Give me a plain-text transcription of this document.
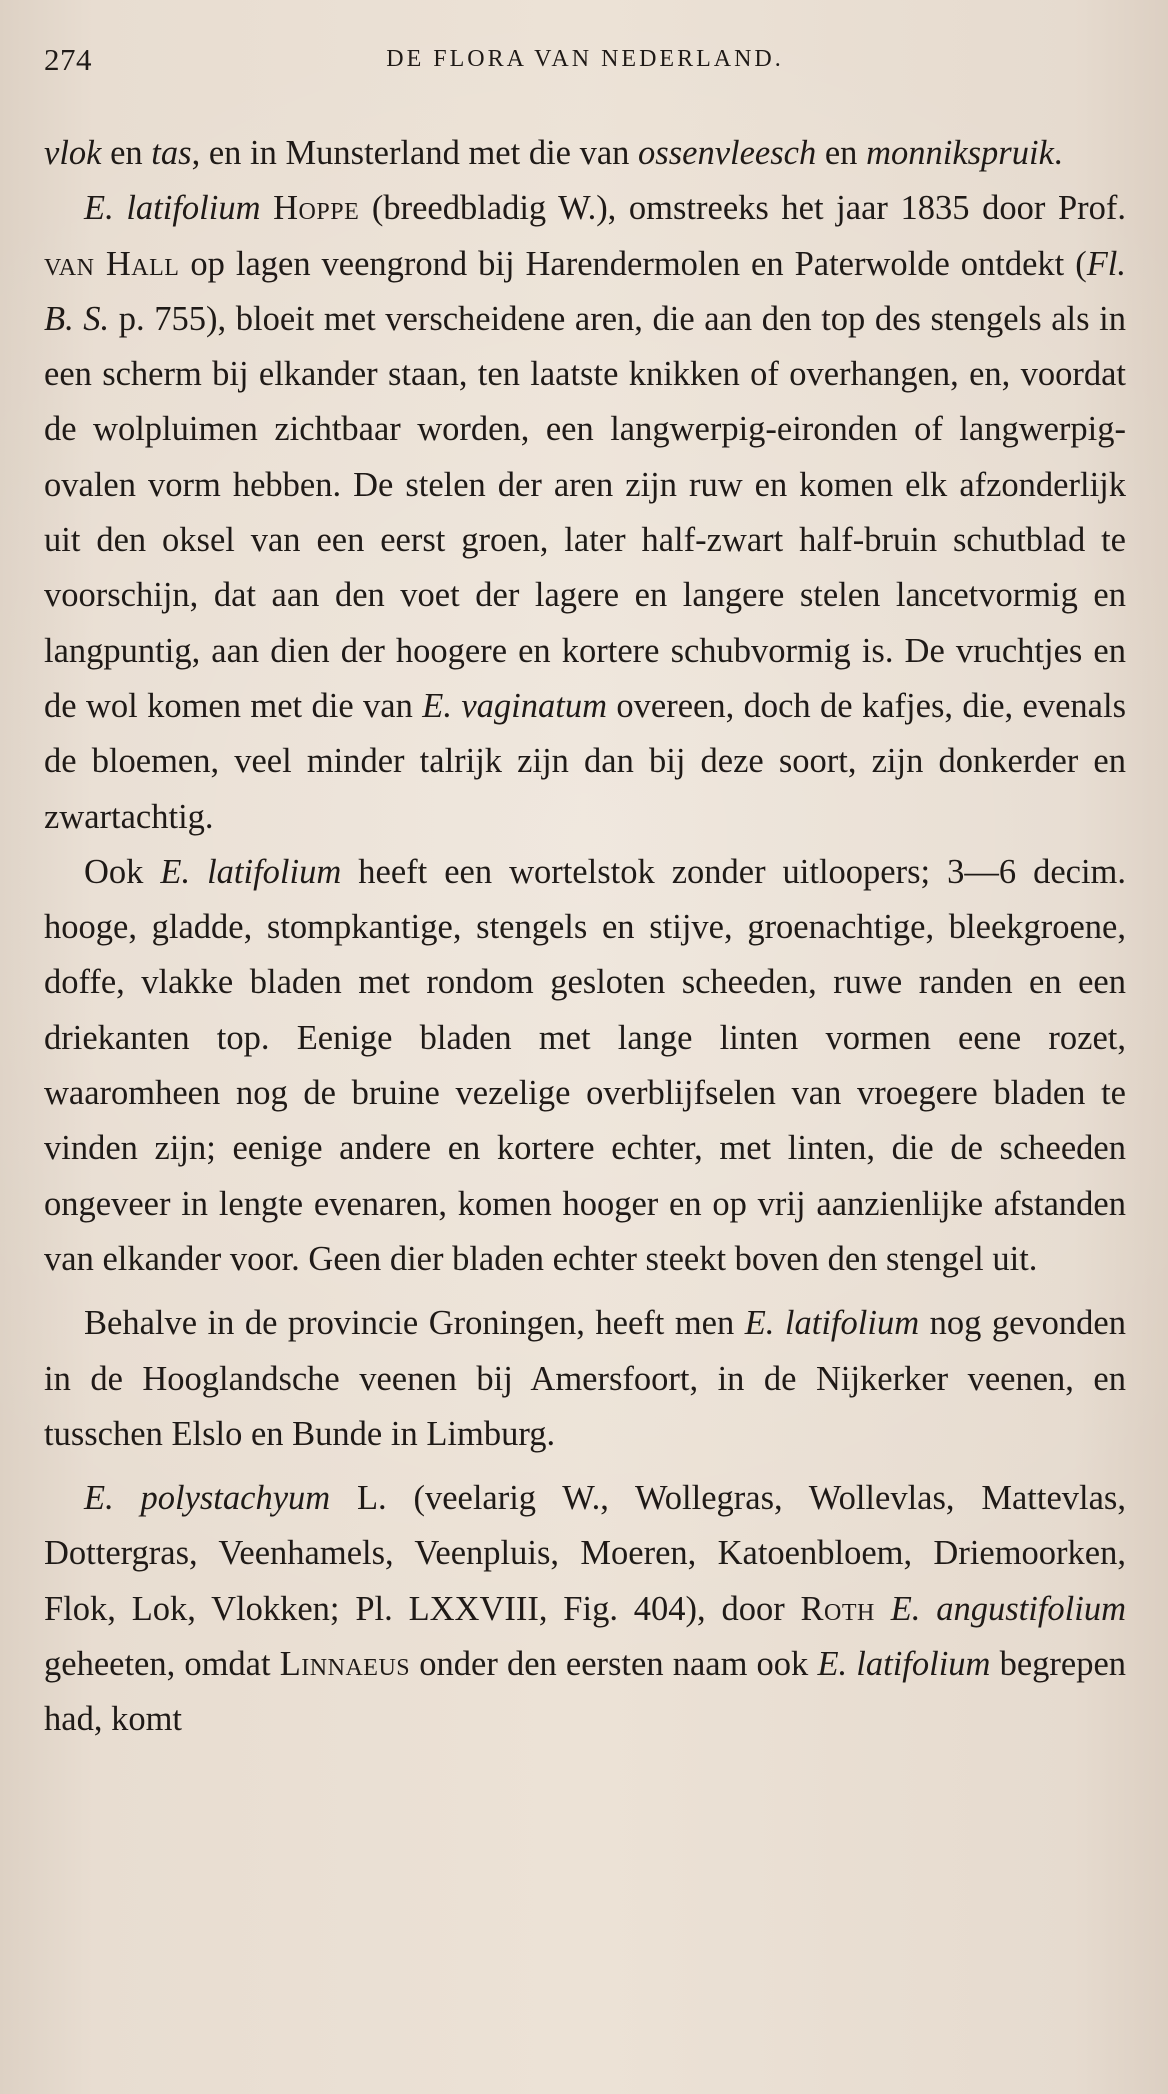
274	DE FLORA VAN NEDERLAND.

vlok en tas, en in Munsterland met die van ossenvleesch en monnikspruik.

E. latifolium Hoppe (breedbladig W.), omstreeks het jaar 1835 door Prof. van Hall op lagen veengrond bij Harendermolen en Paterwolde ontdekt (Fl. B. S. p. 755), bloeit met verscheidene aren, die aan den top des stengels als in een scherm bij elkander staan, ten laatste knikken of overhangen, en, voordat de wolpluimen zichtbaar worden, een langwerpig-eironden of langwerpig-ovalen vorm hebben. De stelen der aren zijn ruw en komen elk afzonderlijk uit den oksel van een eerst groen, later half-zwart half-bruin schutblad te voorschijn, dat aan den voet der lagere en langere stelen lancetvormig en langpuntig, aan dien der hoogere en kortere schubvormig is. De vruchtjes en de wol komen met die van E. vaginatum overeen, doch de kafjes, die, evenals de bloemen, veel minder talrijk zijn dan bij deze soort, zijn donkerder en zwartachtig.

Ook E. latifolium heeft een wortelstok zonder uitloopers; 3—6 decim. hooge, gladde, stompkantige, stengels en stijve, groenachtige, bleekgroene, doffe, vlakke bladen met rondom gesloten scheeden, ruwe randen en een driekanten top. Eenige bladen met lange linten vormen eene rozet, waaromheen nog de bruine vezelige overblijfselen van vroegere bladen te vinden zijn; eenige andere en kortere echter, met linten, die de scheeden ongeveer in lengte evenaren, komen hooger en op vrij aanzienlijke afstanden van elkander voor. Geen dier bladen echter steekt boven den stengel uit.

Behalve in de provincie Groningen, heeft men E. latifolium nog gevonden in de Hooglandsche veenen bij Amersfoort, in de Nijkerker veenen, en tusschen Elslo en Bunde in Limburg.

E. polystachyum L. (veelarig W., Wollegras, Wollevlas, Mattevlas, Dottergras, Veenhamels, Veenpluis, Moeren, Katoenbloem, Driemoorken, Flok, Lok, Vlokken; Pl. LXXVIII, Fig. 404), door Roth E. angustifolium geheeten, omdat Linnaeus onder den eersten naam ook E. latifolium begrepen had, komt
